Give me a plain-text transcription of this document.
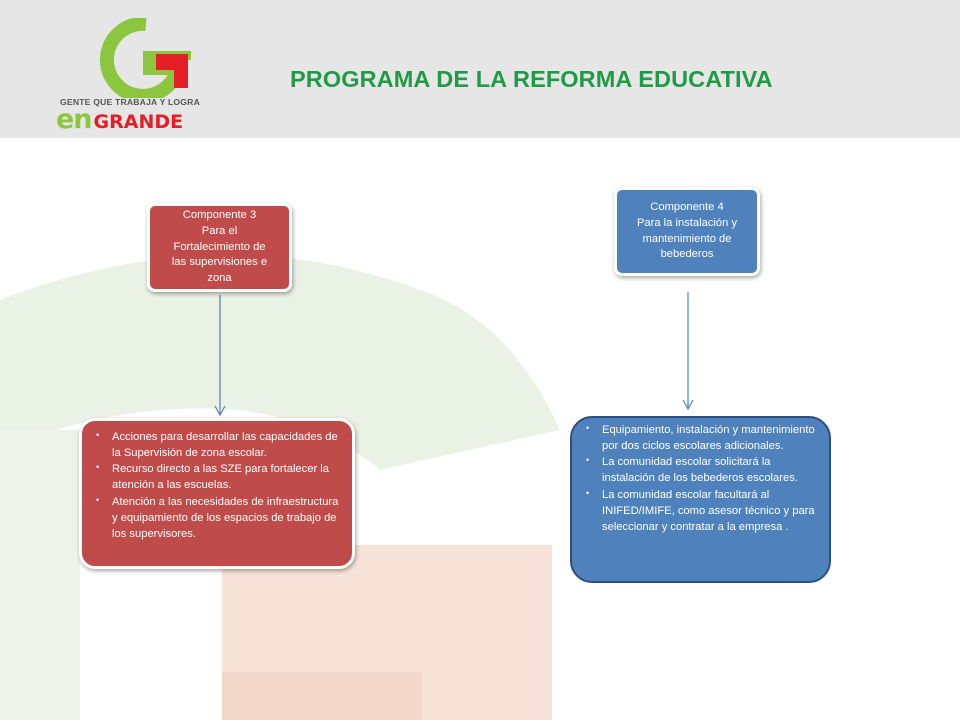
GENTE QUE TRABAJA Y LOGRA
en GRANDE
PROGRAMA DE LA REFORMA EDUCATIVA
Componente 3
Para el
Fortalecimiento de
las supervisiones e
zona
Componente 4
Para la instalación y
mantenimiento de
bebederos
• Acciones para desarrollar las capacidades de la Supervisión de zona escolar.
• Recurso directo a las SZE para fortalecer la atención a las escuelas.
• Atención a las necesidades de infraestructura y equipamiento de los espacios de trabajo de los supervisores.
• Equipamiento, instalación y mantenimiento por dos ciclos escolares adicionales.
• La comunidad escolar solicitará la instalación de los bebederos escolares.
• La comunidad escolar facultará al INIFED/IMIFE, como asesor técnico y para seleccionar y contratar a la empresa .
